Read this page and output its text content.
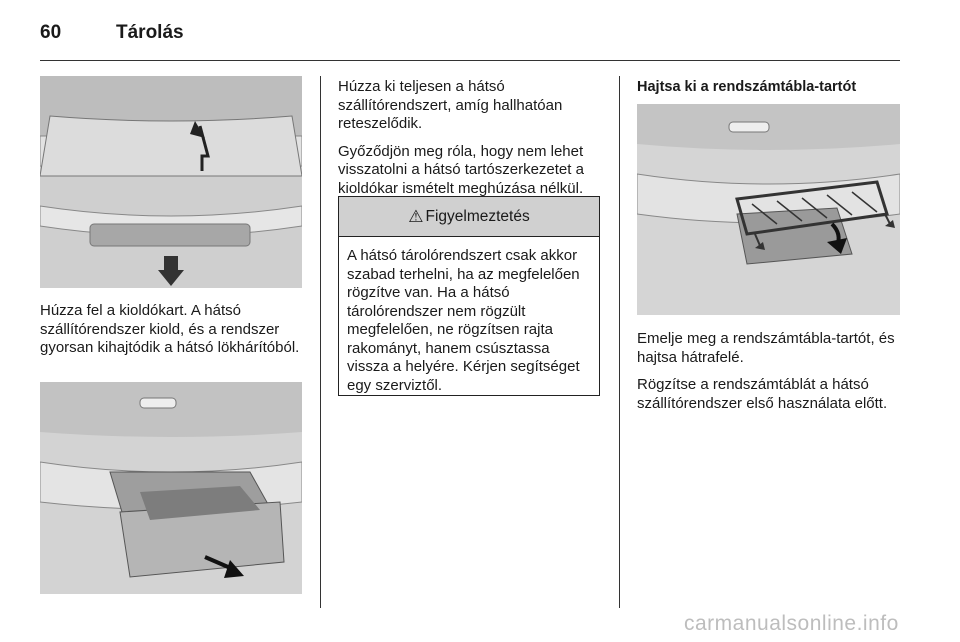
60	Tárolás
Húzza fel a kioldókart. A hátsó szállítórendszer kiold, és a rendszer gyorsan kihajtódik a hátsó lökhárítóból.

Húzza ki teljesen a hátsó szállítórendszert, amíg hallhatóan reteszelődik.

Győződjön meg róla, hogy nem lehet visszatolni a hátsó tartószerkezetet a kioldókar ismételt meghúzása nélkül.

⚠ Figyelmeztetés
A hátsó tárolórendszert csak akkor szabad terhelni, ha az megfelelően rögzítve van. Ha a hátsó tárolórendszer nem rögzült megfelelően, ne rögzítsen rajta rakományt, hanem csúsztassa vissza a helyére. Kérjen segítséget egy szerviztől.
Hajtsa ki a rendszámtábla-tartót

Emelje meg a rendszámtábla-tartót, és hajtsa hátrafelé.

Rögzítse a rendszámtáblát a hátsó szállítórendszer első használata előtt.

carmanualsonline.info
